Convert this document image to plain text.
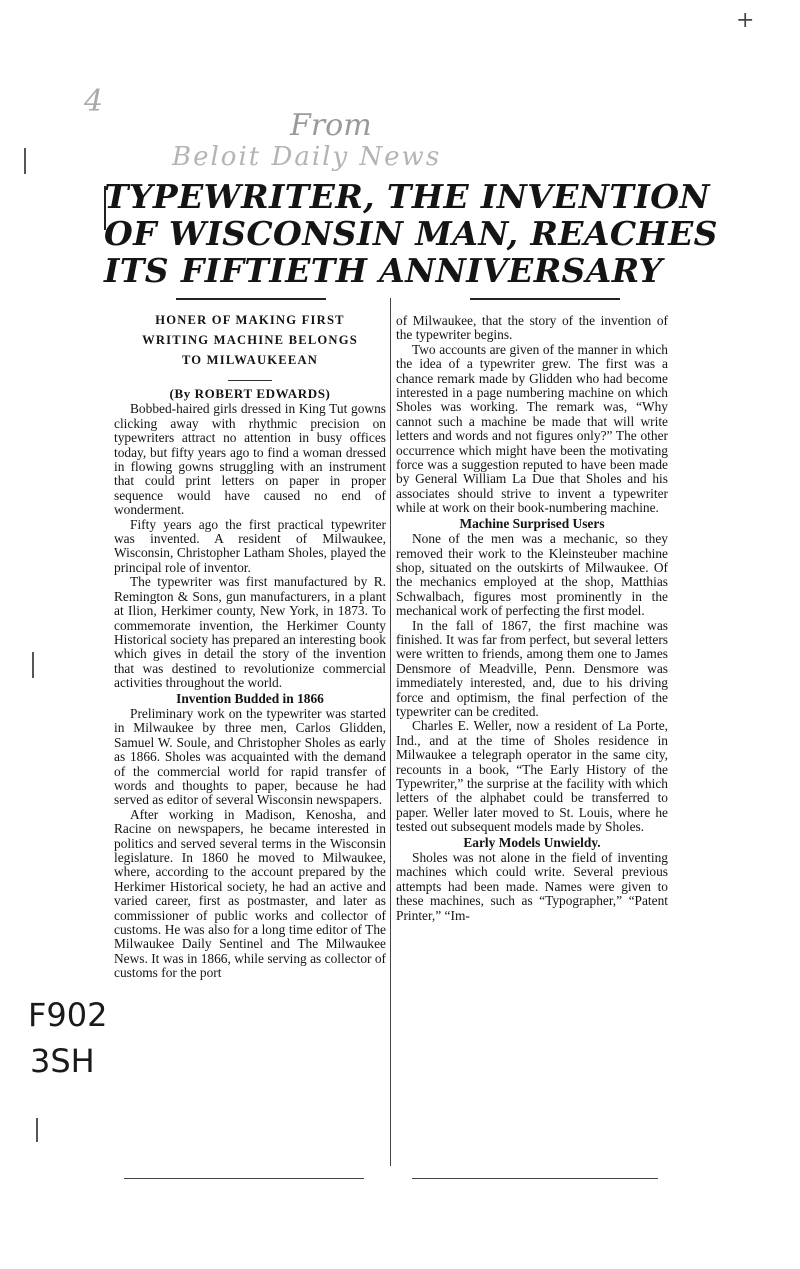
+
4
From
Beloit Daily News
F902
3SH
TYPEWRITER, THE INVENTION
OF WISCONSIN MAN, REACHES
ITS FIFTIETH ANNIVERSARY
HONER OF MAKING FIRST
WRITING MACHINE BELONGS
TO MILWAUKEEAN
(By ROBERT EDWARDS)

Bobbed-haired girls dressed in King Tut gowns clicking away with rhythmic precision on typewriters attract no attention in busy offices today, but fifty years ago to find a woman dressed in flowing gowns struggling with an instrument that could print letters on paper in proper sequence would have caused no end of wonderment.

Fifty years ago the first practical typewriter was invented. A resident of Milwaukee, Wisconsin, Christopher Latham Sholes, played the principal role of inventor.

The typewriter was first manufactured by R. Remington & Sons, gun manufacturers, in a plant at Ilion, Herkimer county, New York, in 1873. To commemorate invention, the Herkimer County Historical society has prepared an interesting book which gives in detail the story of the invention that was destined to revolutionize commercial activities throughout the world.

Invention Budded in 1866

Preliminary work on the typewriter was started in Milwaukee by three men, Carlos Glidden, Samuel W. Soule, and Christopher Sholes as early as 1866. Sholes was acquainted with the demand of the commercial world for rapid transfer of words and thoughts to paper, because he had served as editor of several Wisconsin newspapers.

After working in Madison, Kenosha, and Racine on newspapers, he became interested in politics and served several terms in the Wisconsin legislature. In 1860 he moved to Milwaukee, where, according to the account prepared by the Herkimer Historical society, he had an active and varied career, first as postmaster, and later as commissioner of public works and collector of customs. He was also for a long time editor of The Milwaukee Daily Sentinel and The Milwaukee News. It was in 1866, while serving as collector of customs for the port

of Milwaukee, that the story of the invention of the typewriter begins.

Two accounts are given of the manner in which the idea of a typewriter grew. The first was a chance remark made by Glidden who had become interested in a page numbering machine on which Sholes was working. The remark was, “Why cannot such a machine be made that will write letters and words and not figures only?” The other occurrence which might have been the motivating force was a suggestion reputed to have been made by General William La Due that Sholes and his associates should strive to invent a typewriter while at work on their book-numbering machine.

Machine Surprised Users

None of the men was a mechanic, so they removed their work to the Kleinsteuber machine shop, situated on the outskirts of Milwaukee. Of the mechanics employed at the shop, Matthias Schwalbach, figures most prominently in the mechanical work of perfecting the first model.

In the fall of 1867, the first machine was finished. It was far from perfect, but several letters were written to friends, among them one to James Densmore of Meadville, Penn. Densmore was immediately interested, and, due to his driving force and optimism, the final perfection of the typewriter can be credited.

Charles E. Weller, now a resident of La Porte, Ind., and at the time of Sholes residence in Milwaukee a telegraph operator in the same city, recounts in a book, “The Early History of the Typewriter,” the surprise at the facility with which letters of the alphabet could be transferred to paper. Weller later moved to St. Louis, where he tested out subsequent models made by Sholes.

Early Models Unwieldy.

Sholes was not alone in the field of inventing machines which could write. Several previous attempts had been made. Names were given to these machines, such as “Typographer,” “Patent Printer,” “Im-
